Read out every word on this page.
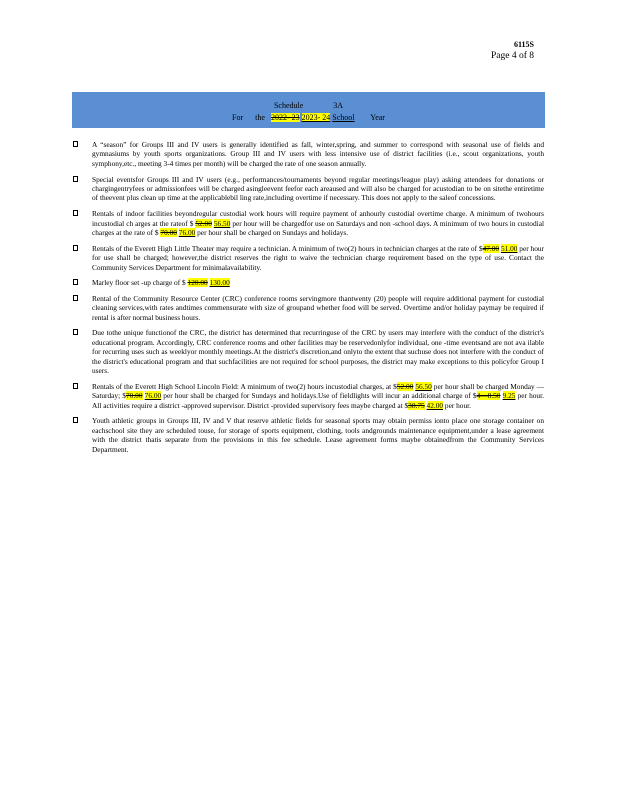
6115S
Page 4 of 8
Schedule	3A
For the 2022- 23 2023- 24 School Year
A “season” for Groups III and IV users is generally identified as fall, winter,spring, and summer to correspond with seasonal use of fields and gymnasiums by youth sports organizations. Group III and IV users with less intensive use of district facilities (i.e., scout organizations, youth symphony,etc., meeting 3-4 times per month) will be charged the rate of one season annually.
Special eventsfor Groups III and IV users (e.g., performances/tournaments beyond regular meetings/league play) asking attendees for donations or chargingentryfees or admissionfees will be charged asingleevent feefor each areaused and will also be charged for acustodian to be on sitethe entiretime of theevent plus clean up time at the applicablebil ling rate,including overtime if necessary. This does not apply to the saleof concessions.
Rentals of indoor facilities beyondregular custodial work hours will require payment of anhourly custodial overtime charge. A minimum of twohours incustodial ch arges at the rateof $ 52.00 56.50 per hour will be chargedfor use on Saturdays and non -school days. A minimum of two hours in custodial charges at the rate of $ 70.00 76.00 per hour shall be charged on Sundays and holidays.
Rentals of the Everett High Little Theater may require a technician. A minimum of two(2) hours in technician charges at the rate of $47.00 51.00 per hour for use shall be charged; however,the district reserves the right to waive the technician charge requirement based on the type of use. Contact the Community Services Department for minimalavailability.
Marley floor set -up charge of $ 120.00 130.00
Rental of the Community Resource Center (CRC) conference rooms servingmore thantwenty (20) people will require additional payment for custodial cleaning services,with rates andtimes commensurate with size of groupand whether food will be served. Overtime and/or holiday paymay be required if rental is after normal business hours.
Due tothe unique functionof the CRC, the district has determined that recurringuse of the CRC by users may interfere with the conduct of the district's educational program. Accordingly, CRC conference rooms and other facilities may be reservedonlyfor individual, one -time eventsand are not ava ilable for recurring uses such as weeklyor monthly meetings.At the district's discretion,and onlyto the extent that suchuse does not interfere with the conduct of the district's educational program and that suchfacilities are not required for school purposes, the district may make exceptions to this policyfor Group I users.
Rentals of the Everett High School Lincoln Field: A minimum of two(2) hours incustodial charges, at $52.00 56.50 per hour shall be charged Monday — Saturday; $70.00 76.00 per hour shall be charged for Sundays and holidays.Use of fieldlights will incur an additional charge of $4—8.50 9.25 per hour. All activities require a district -approved supervisor. District -provided supervisory fees maybe charged at $38.75 42.00 per hour.
Youth athletic groups in Groups III, IV and V that reserve athletic fields for seasonal sports may obtain permiss ionto place one storage container on eachschool site they are scheduled touse, for storage of sports equipment, clothing, tools andgrounds maintenance equipment,under a lease agreement with the district thatis separate from the provisions in this fee schedule. Lease agreement forms maybe obtainedfrom the Community Services Department.
